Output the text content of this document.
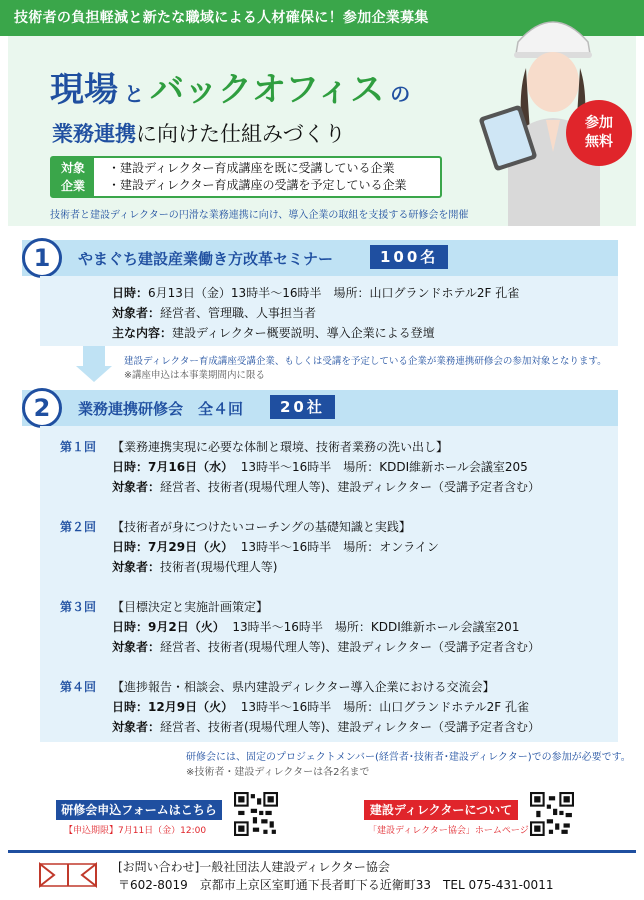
技術者の負担軽減と新たな職域による人材確保に！参加企業募集
現場 と バックオフィス の
業務連携に向けた仕組みづくり
対象
企業
・建設ディレクター育成講座を既に受講している企業
・建設ディレクター育成講座の受講を予定している企業
技術者と建設ディレクターの円滑な業務連携に向け、導入企業の取組を支援する研修会を開催
参加
無料
1	やまぐち建設産業働き方改革セミナー	100名
日時：6月13日（金）13時半～16時半　場所：山口グランドホテル2F 孔雀
対象者：経営者、管理職、人事担当者
主な内容：建設ディレクター概要説明、導入企業による登壇
建設ディレクター育成講座受講企業、もしくは受講を予定している企業が業務連携研修会の参加対象となります。
※講座申込は本事業期間内に限る
2	業務連携研修会　全４回	20社
第１回 【業務連携実現に必要な体制と環境、技術者業務の洗い出し】
日時：7月16日（水） 13時半～16時半　場所：KDDI維新ホール会議室205
対象者：経営者、技術者(現場代理人等)、建設ディレクター（受講予定者含む）
第２回 【技術者が身につけたいコーチングの基礎知識と実践】
日時：7月29日（火） 13時半～16時半　場所：オンライン
対象者：技術者(現場代理人等)
第３回 【目標決定と実施計画策定】
日時：9月2日（火） 13時半～16時半　場所：KDDI維新ホール会議室201
対象者：経営者、技術者(現場代理人等)、建設ディレクター（受講予定者含む）
第４回 【進捗報告・相談会、県内建設ディレクター導入企業における交流会】
日時：12月9日（火） 13時半～16時半　場所：山口グランドホテル2F 孔雀
対象者：経営者、技術者(現場代理人等)、建設ディレクター（受講予定者含む）
研修会には、固定のプロジェクトメンバー(経営者･技術者･建設ディレクター)での参加が必要です。
※技術者・建設ディレクターは各2名まで
研修会申込フォームはこちら
【申込期限】7月11日（金）12:00
建設ディレクターについて
「建設ディレクター協会」ホームページ
[お問い合わせ]一般社団法人建設ディレクター協会
〒602-8019　京都市上京区室町通下長者町下る近衛町33　TEL 075-431-0011
